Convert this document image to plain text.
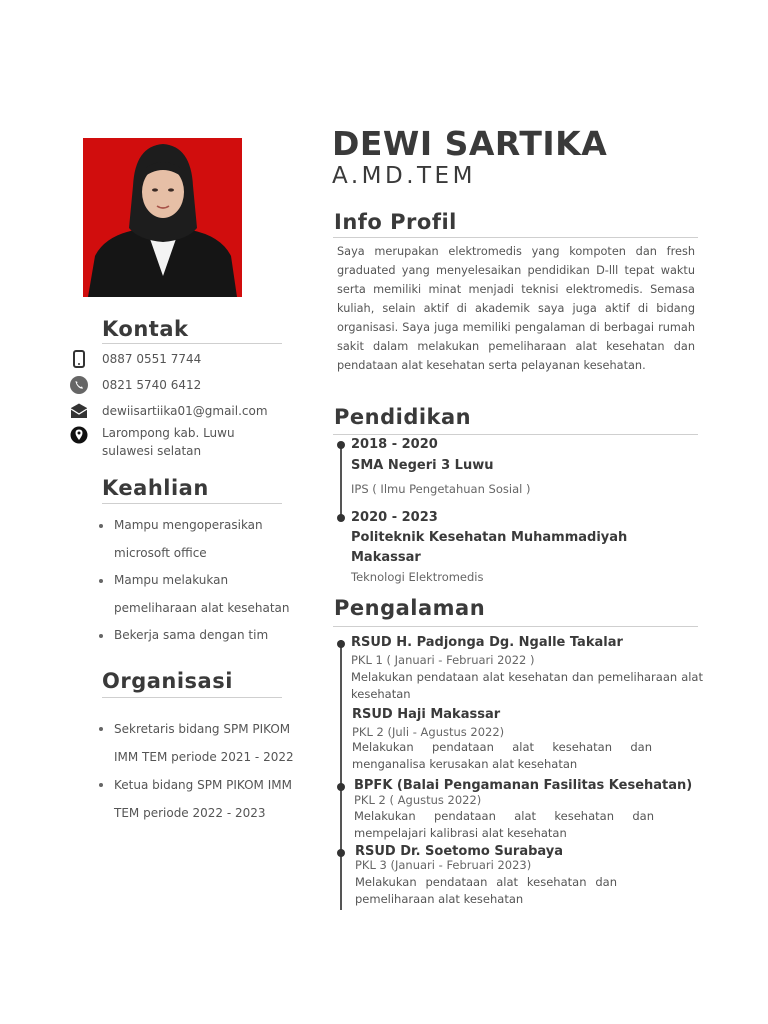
Kontak
0887 0551 7744
0821 5740 6412
dewiisartiika01@gmail.com
Larompong kab. Luwu
sulawesi selatan
Keahlian
Mampu mengoperasikan
microsoft office
Mampu melakukan
pemeliharaan alat kesehatan
Bekerja sama dengan tim
Organisasi
Sekretaris bidang SPM PIKOM
IMM TEM periode 2021 - 2022
Ketua bidang SPM PIKOM IMM
TEM periode 2022 - 2023
DEWI SARTIKA
A.MD.TEM
Info Profil
Saya merupakan elektromedis yang kompoten dan fresh graduated yang menyelesaikan pendidikan D-lll tepat waktu serta memiliki minat menjadi teknisi elektromedis. Semasa kuliah, selain aktif di akademik saya juga aktif di bidang organisasi. Saya juga memiliki pengalaman di berbagai rumah sakit dalam melakukan pemeliharaan alat kesehatan dan pendataan alat kesehatan serta pelayanan kesehatan.
Pendidikan
2018 - 2020
SMA Negeri 3 Luwu
IPS ( Ilmu Pengetahuan Sosial )
2020 - 2023
Politeknik Kesehatan Muhammadiyah
Makassar
Teknologi Elektromedis
Pengalaman
RSUD H. Padjonga Dg. Ngalle Takalar
PKL 1 ( Januari - Februari 2022 )
Melakukan pendataan alat kesehatan dan pemeliharaan alat kesehatan
RSUD Haji Makassar
PKL 2 (Juli - Agustus 2022)
Melakukan pendataan alat kesehatan dan menganalisa kerusakan alat kesehatan
BPFK (Balai Pengamanan Fasilitas Kesehatan)
PKL 2 ( Agustus 2022)
Melakukan pendataan alat kesehatan dan mempelajari kalibrasi alat kesehatan
RSUD Dr. Soetomo Surabaya
PKL 3 (Januari - Februari 2023)
Melakukan pendataan alat kesehatan dan pemeliharaan alat kesehatan
